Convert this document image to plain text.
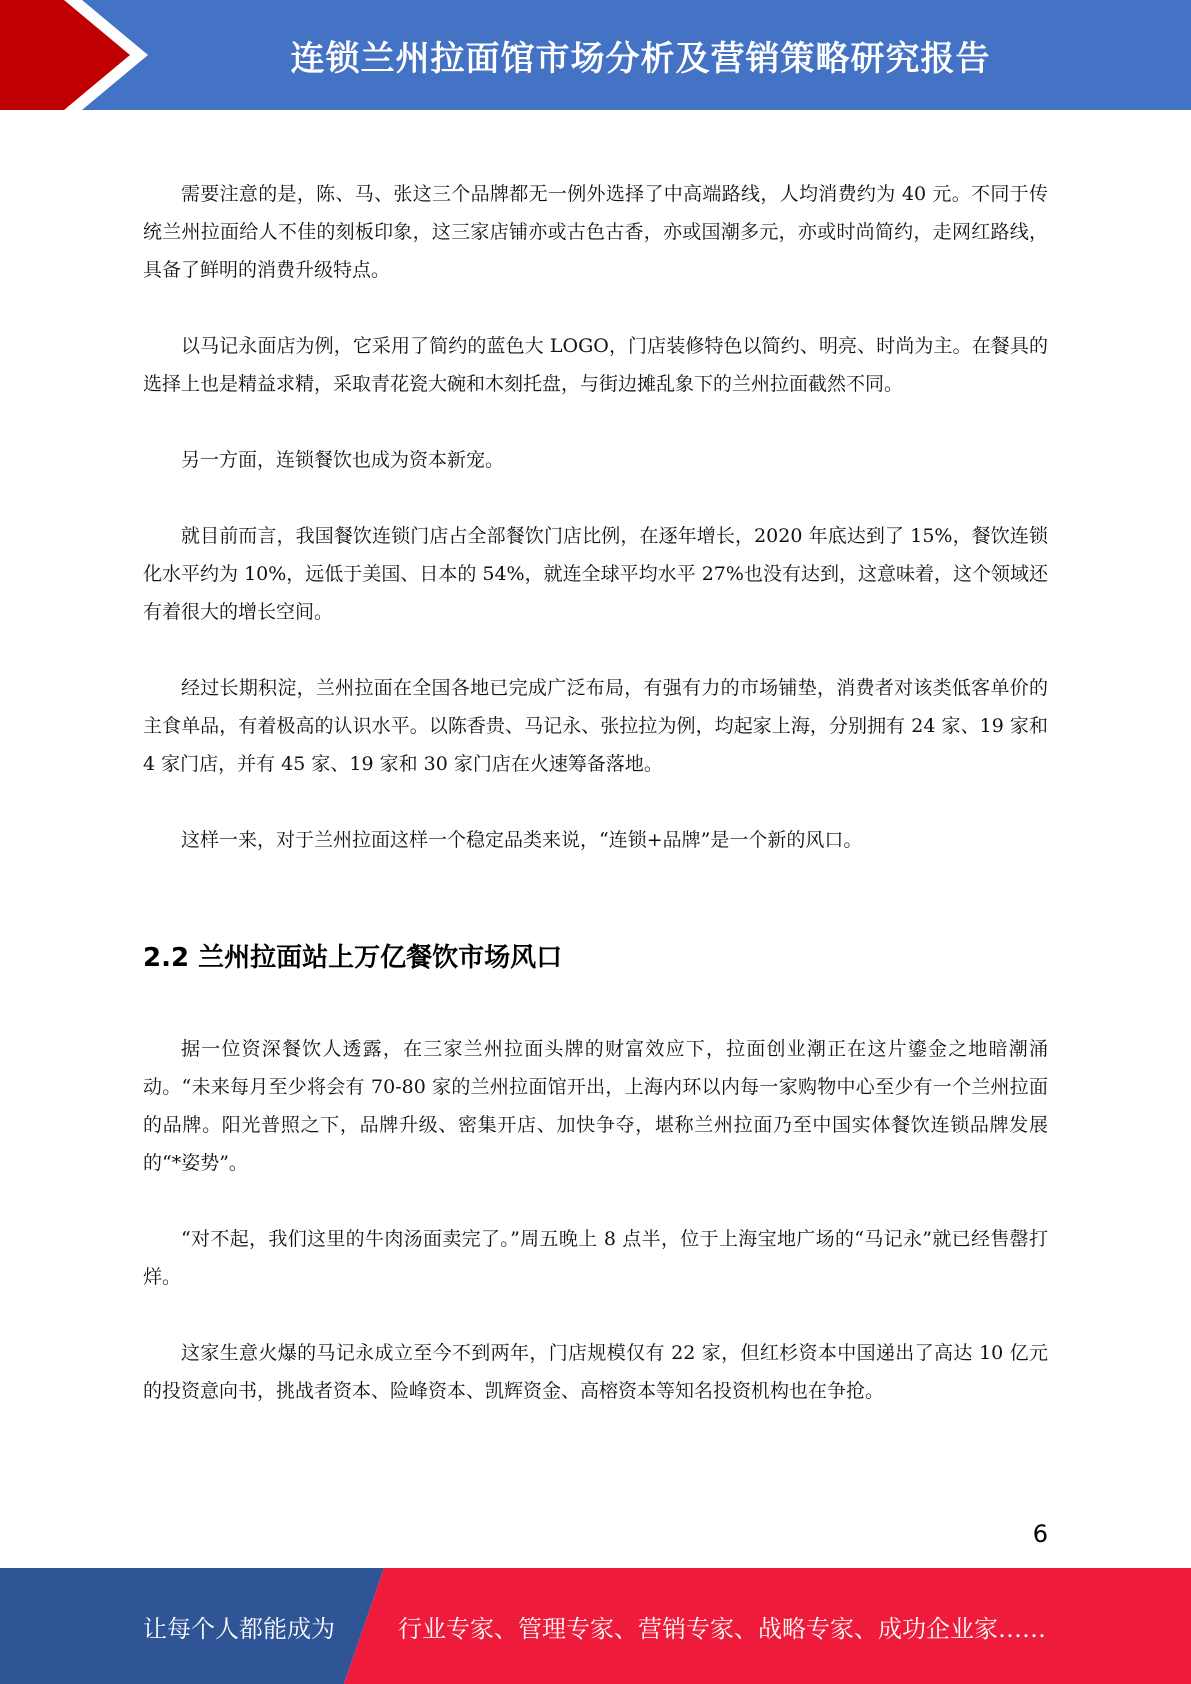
连锁兰州拉面馆市场分析及营销策略研究报告

需要注意的是，陈、马、张这三个品牌都无一例外选择了中高端路线，人均消费约为 40 元。不同于传统兰州拉面给人不佳的刻板印象，这三家店铺亦或古色古香，亦或国潮多元，亦或时尚简约，走网红路线，具备了鲜明的消费升级特点。

以马记永面店为例，它采用了简约的蓝色大 LOGO，门店装修特色以简约、明亮、时尚为主。在餐具的选择上也是精益求精，采取青花瓷大碗和木刻托盘，与街边摊乱象下的兰州拉面截然不同。

另一方面，连锁餐饮也成为资本新宠。

就目前而言，我国餐饮连锁门店占全部餐饮门店比例，在逐年增长，2020 年底达到了 15%，餐饮连锁化水平约为 10%，远低于美国、日本的 54%，就连全球平均水平 27%也没有达到，这意味着，这个领域还有着很大的增长空间。

经过长期积淀，兰州拉面在全国各地已完成广泛布局，有强有力的市场铺垫，消费者对该类低客单价的主食单品，有着极高的认识水平。以陈香贵、马记永、张拉拉为例，均起家上海，分别拥有 24 家、19 家和 4 家门店，并有 45 家、19 家和 30 家门店在火速筹备落地。

这样一来，对于兰州拉面这样一个稳定品类来说，“连锁+品牌”是一个新的风口。

2.2 兰州拉面站上万亿餐饮市场风口

据一位资深餐饮人透露，在三家兰州拉面头牌的财富效应下，拉面创业潮正在这片鎏金之地暗潮涌动。“未来每月至少将会有 70-80 家的兰州拉面馆开出，上海内环以内每一家购物中心至少有一个兰州拉面的品牌。阳光普照之下，品牌升级、密集开店、加快争夺，堪称兰州拉面乃至中国实体餐饮连锁品牌发展的“*姿势”。

“对不起，我们这里的牛肉汤面卖完了。”周五晚上 8 点半，位于上海宝地广场的“马记永”就已经售罄打烊。

这家生意火爆的马记永成立至今不到两年，门店规模仅有 22 家，但红杉资本中国递出了高达 10 亿元的投资意向书，挑战者资本、险峰资本、凯辉资金、高榕资本等知名投资机构也在争抢。

6
让每个人都能成为	行业专家、管理专家、营销专家、战略专家、成功企业家……
